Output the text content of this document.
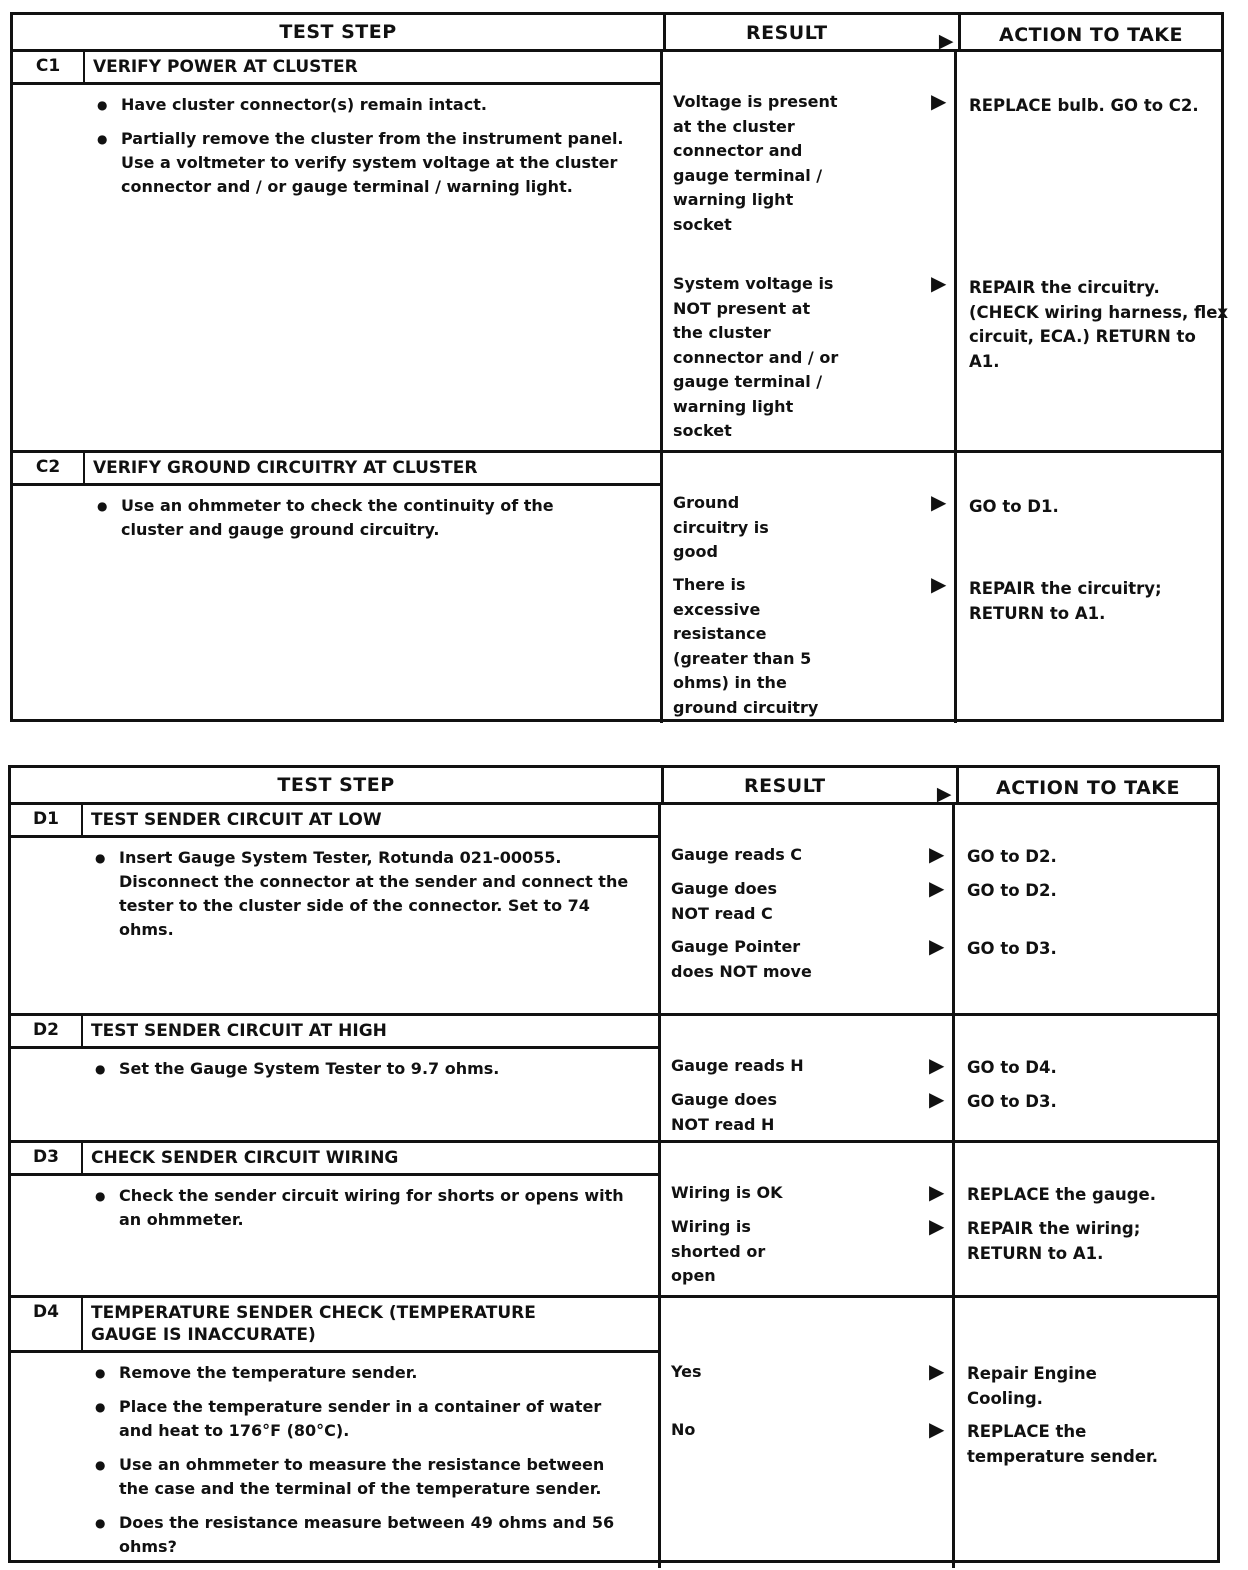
TEST STEP	RESULT	▶	ACTION TO TAKE
C1	VERIFY POWER AT CLUSTER
● Have cluster connector(s) remain intact.
● Partially remove the cluster from the instrument panel. Use a voltmeter to verify system voltage at the cluster connector and / or gauge terminal / warning light.
Voltage is present at the cluster connector and gauge terminal / warning light socket
▶ REPLACE bulb. GO to C2.
System voltage is NOT present at the cluster connector and / or gauge terminal / warning light socket
▶ REPAIR the circuitry. (CHECK wiring harness, flex circuit, ECA.) RETURN to A1.
C2	VERIFY GROUND CIRCUITRY AT CLUSTER
● Use an ohmmeter to check the continuity of the cluster and gauge ground circuitry.
Ground circuitry is good
▶ GO to D1.
There is excessive resistance (greater than 5 ohms) in the ground circuitry
▶ REPAIR the circuitry; RETURN to A1.
TEST STEP	RESULT	▶	ACTION TO TAKE
D1	TEST SENDER CIRCUIT AT LOW
● Insert Gauge System Tester, Rotunda 021-00055. Disconnect the connector at the sender and connect the tester to the cluster side of the connector. Set to 74 ohms.
Gauge reads C	▶ GO to D2.
Gauge does NOT read C
▶ GO to D2.
Gauge Pointer does NOT move
▶ GO to D3.
D2	TEST SENDER CIRCUIT AT HIGH
● Set the Gauge System Tester to 9.7 ohms.	Gauge reads H	▶ GO to D4.
Gauge does NOT read H
▶ GO to D3.
D3	CHECK SENDER CIRCUIT WIRING
● Check the sender circuit wiring for shorts or opens with an ohmmeter.
Wiring is OK	▶ REPLACE the gauge.
Wiring is shorted or open
▶ REPAIR the wiring; RETURN to A1.
D4	TEMPERATURE SENDER CHECK (TEMPERATURE GAUGE IS INACCURATE)
● Remove the temperature sender.
● Place the temperature sender in a container of water and heat to 176°F (80°C).
● Use an ohmmeter to measure the resistance between the case and the terminal of the temperature sender.
● Does the resistance measure between 49 ohms and 56 ohms?
Yes	▶ Repair Engine Cooling.
No	▶ REPLACE the temperature sender.
